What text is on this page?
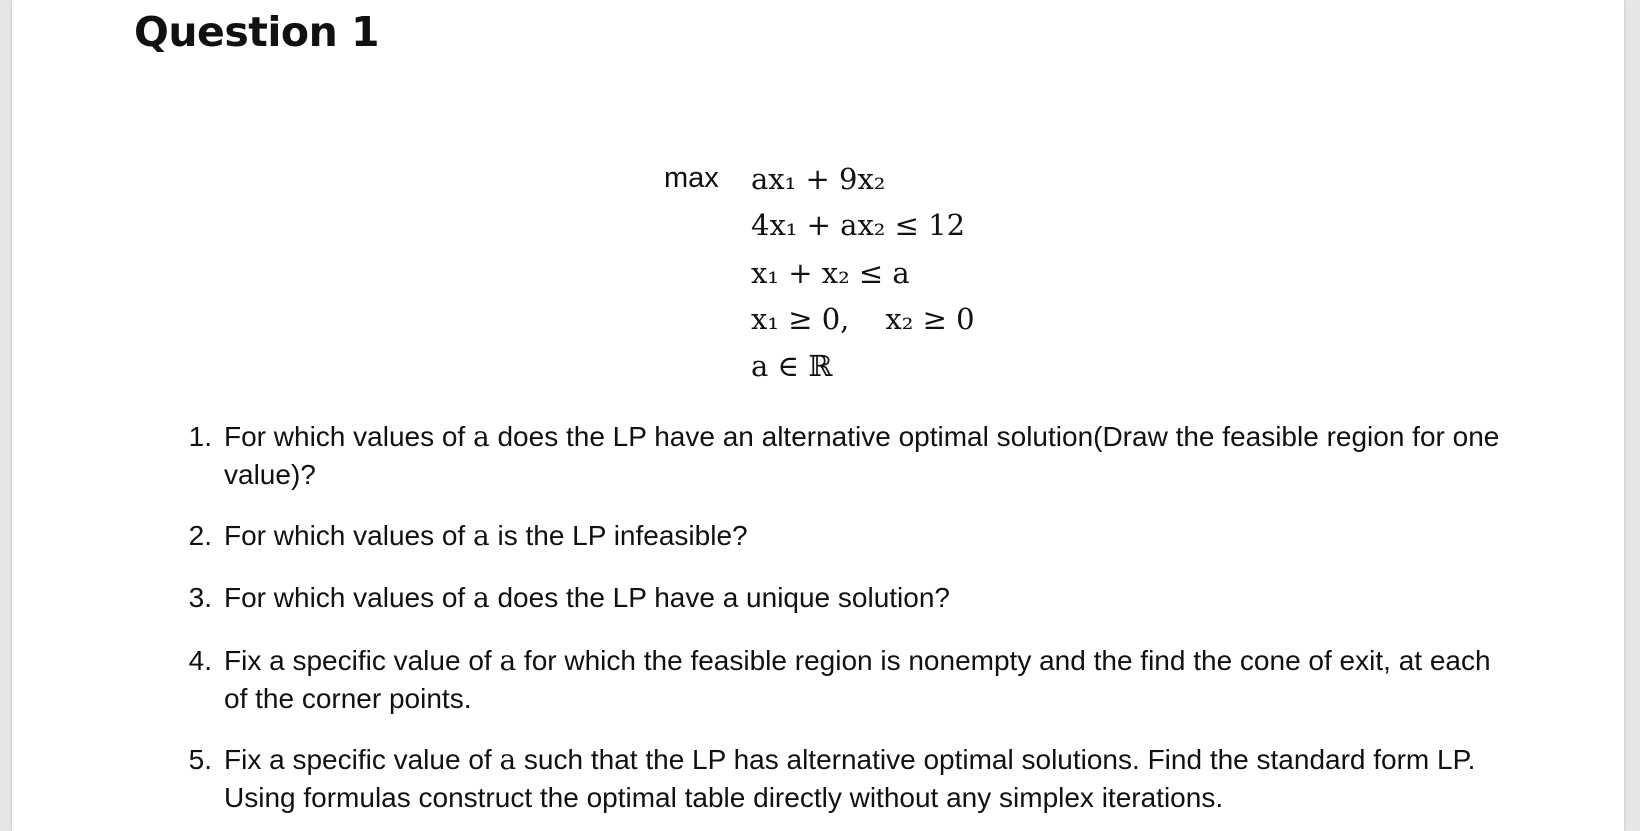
Question 1
max ax₁ + 9x₂
4x₁ + ax₂ ≤ 12
x₁ + x₂ ≤ a
x₁ ≥ 0, x₂ ≥ 0
a ∈ ℝ
1. For which values of a does the LP have an alternative optimal solution(Draw the feasible region for one value)?
2. For which values of a is the LP infeasible?
3. For which values of a does the LP have a unique solution?
4. Fix a specific value of a for which the feasible region is nonempty and the find the cone of exit, at each of the corner points.
5. Fix a specific value of a such that the LP has alternative optimal solutions. Find the standard form LP. Using formulas construct the optimal table directly without any simplex iterations.
